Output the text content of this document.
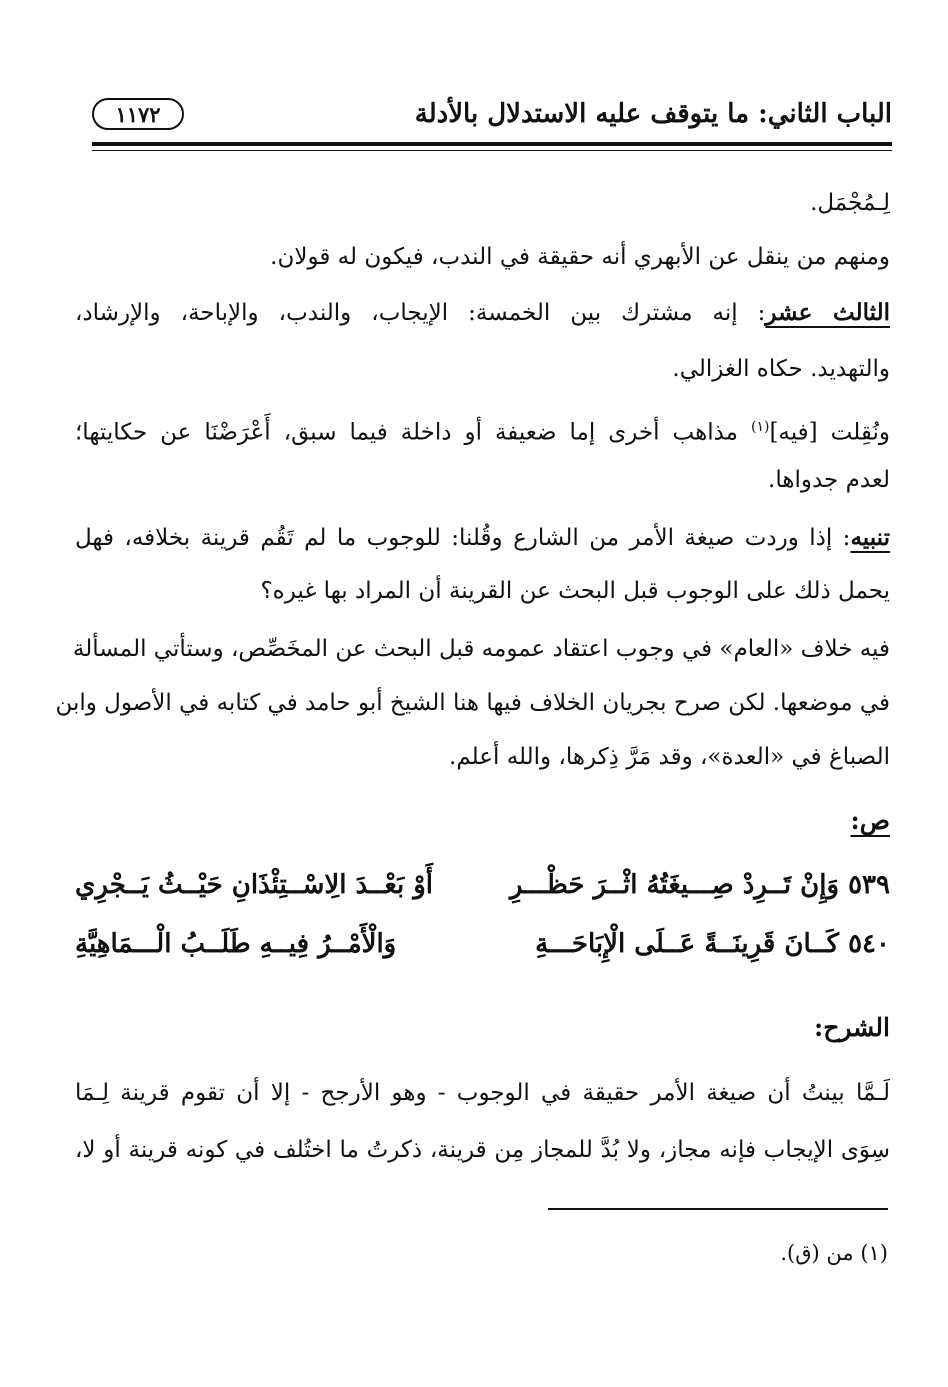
الباب الثاني: ما يتوقف عليه الاستدلال بالأدلة
١١٧٢
لِـمُجْمَل.
ومنهم من ينقل عن الأبهري أنه حقيقة في الندب، فيكون له قولان.
الثالث عشر: إنه مشترك بين الخمسة: الإيجاب، والندب، والإباحة، والإرشاد،
والتهديد. حكاه الغزالي.
ونُقِلت [فيه]$^{(١)}$ مذاهب أخرى إما ضعيفة أو داخلة فيما سبق، أَعْرَضْنَا عن حكايتها؛
لعدم جدواها.
تنبيه: إذا وردت صيغة الأمر من الشارع وقُلنا: للوجوب ما لم تَقُم قرينة بخلافه، فهل
يحمل ذلك على الوجوب قبل البحث عن القرينة أن المراد بها غيره؟
فيه خلاف «العام» في وجوب اعتقاد عمومه قبل البحث عن المخَصِّص، وستأتي المسألة
في موضعها. لكن صرح بجريان الخلاف فيها هنا الشيخ أبو حامد في كتابه في الأصول وابن
الصباغ في «العدة»، وقد مَرَّ ذِكرها، والله أعلم.
ص:
٥٣٩ وَإِنْ تَــرِدْ صِـــيغَتُهُ اثْــرَ حَظْـــرِ
أَوْ بَعْــدَ الِاسْــتِئْذَانِ حَيْــثُ يَــجْرِي
٥٤٠ كَــانَ قَرِينَــةً عَــلَى الْإِبَاحَـــةِ
وَالْأَمْــرُ فِيــهِ طَلَــبُ الْـــمَاهِيَّةِ
الشرح:
لَـمَّا بينتُ أن صيغة الأمر حقيقة في الوجوب - وهو الأرجح - إلا أن تقوم قرينة لِـمَا
سِوَى الإيجاب فإنه مجاز، ولا بُدَّ للمجاز مِن قرينة، ذكرتُ ما اختُلف في كونه قرينة أو لا،
(١) من (ق).
